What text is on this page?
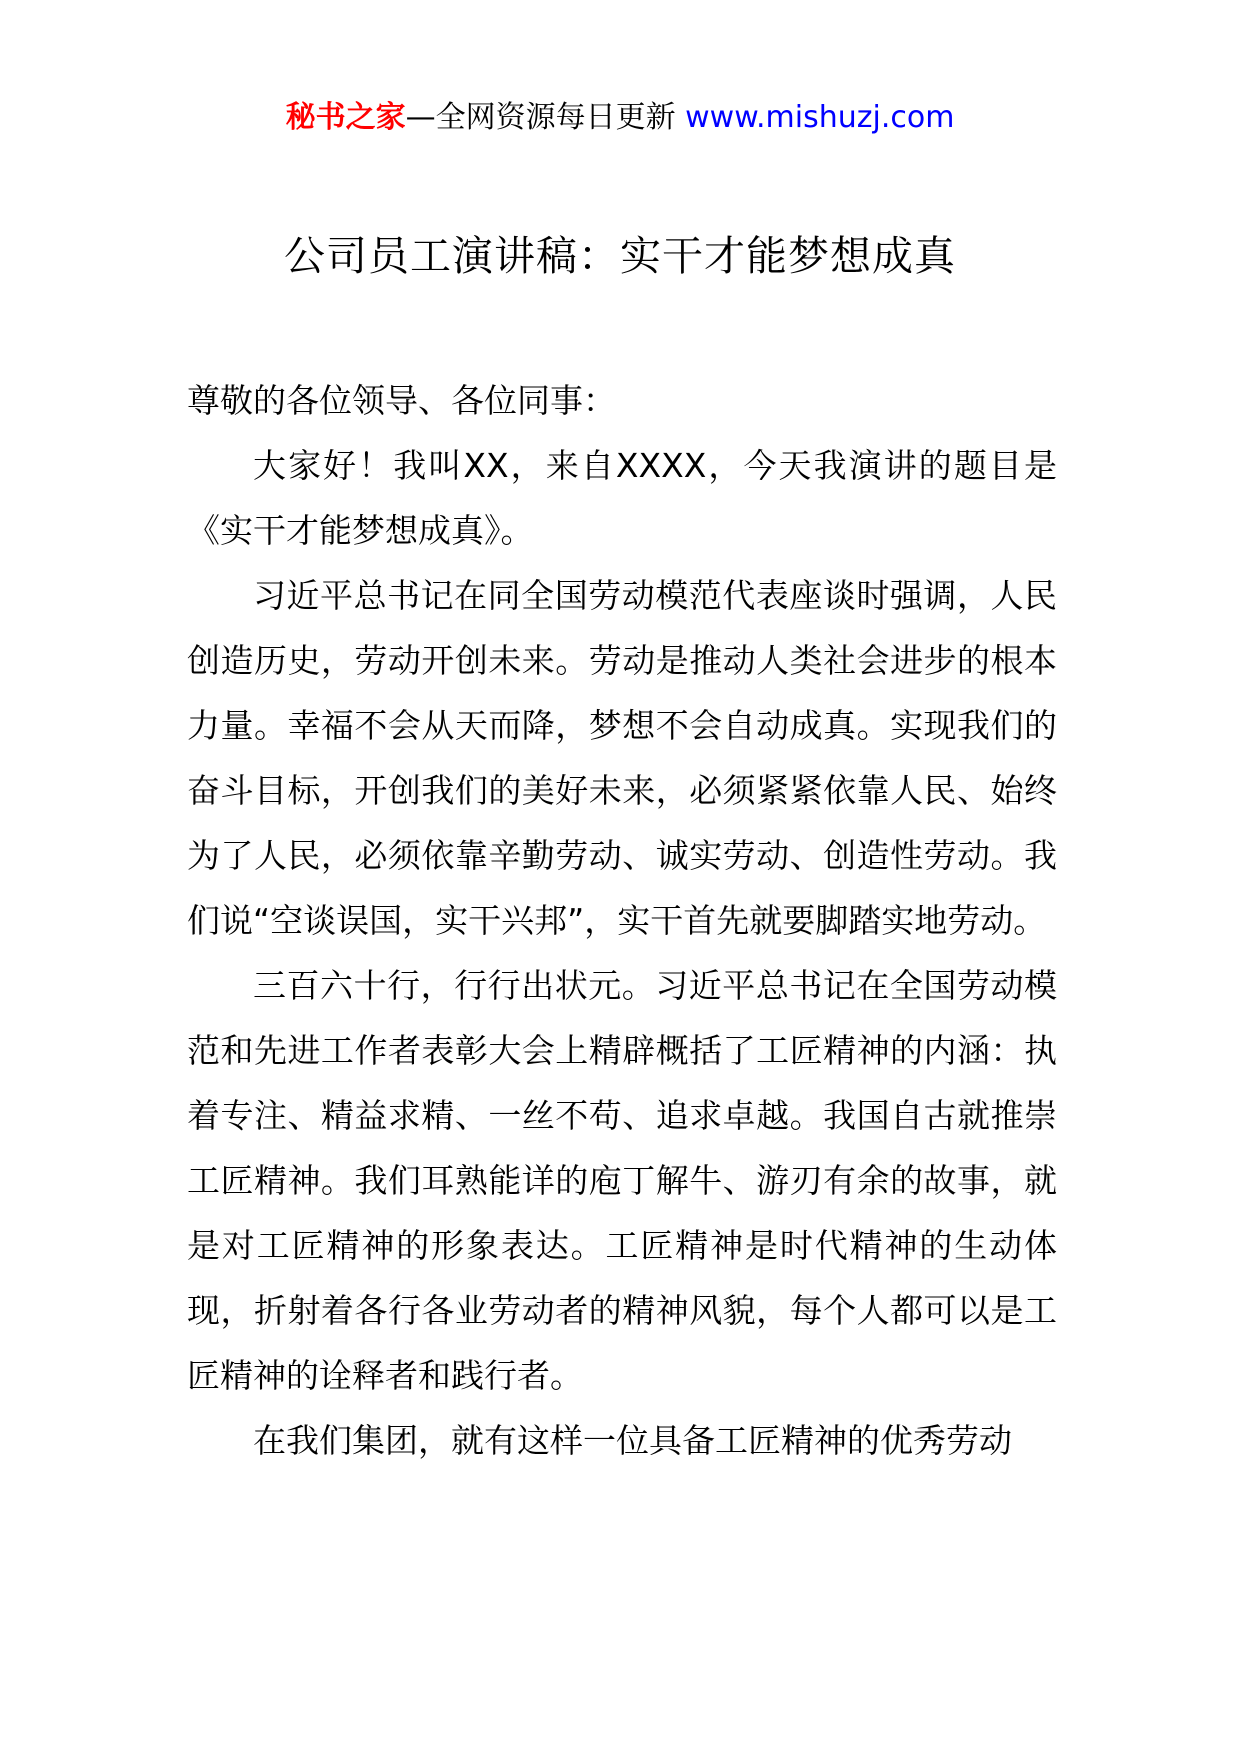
秘书之家—全网资源每日更新 www.mishuzj.com
公司员工演讲稿：实干才能梦想成真

尊敬的各位领导、各位同事：

大家好！我叫XX，来自XXXX，今天我演讲的题目是《实干才能梦想成真》。

习近平总书记在同全国劳动模范代表座谈时强调，人民创造历史，劳动开创未来。劳动是推动人类社会进步的根本力量。幸福不会从天而降，梦想不会自动成真。实现我们的奋斗目标，开创我们的美好未来，必须紧紧依靠人民、始终为了人民，必须依靠辛勤劳动、诚实劳动、创造性劳动。我们说“空谈误国，实干兴邦”，实干首先就要脚踏实地劳动。

三百六十行，行行出状元。习近平总书记在全国劳动模范和先进工作者表彰大会上精辟概括了工匠精神的内涵：执着专注、精益求精、一丝不苟、追求卓越。我国自古就推崇工匠精神。我们耳熟能详的庖丁解牛、游刃有余的故事，就是对工匠精神的形象表达。工匠精神是时代精神的生动体现，折射着各行各业劳动者的精神风貌，每个人都可以是工匠精神的诠释者和践行者。

在我们集团，就有这样一位具备工匠精神的优秀劳动
